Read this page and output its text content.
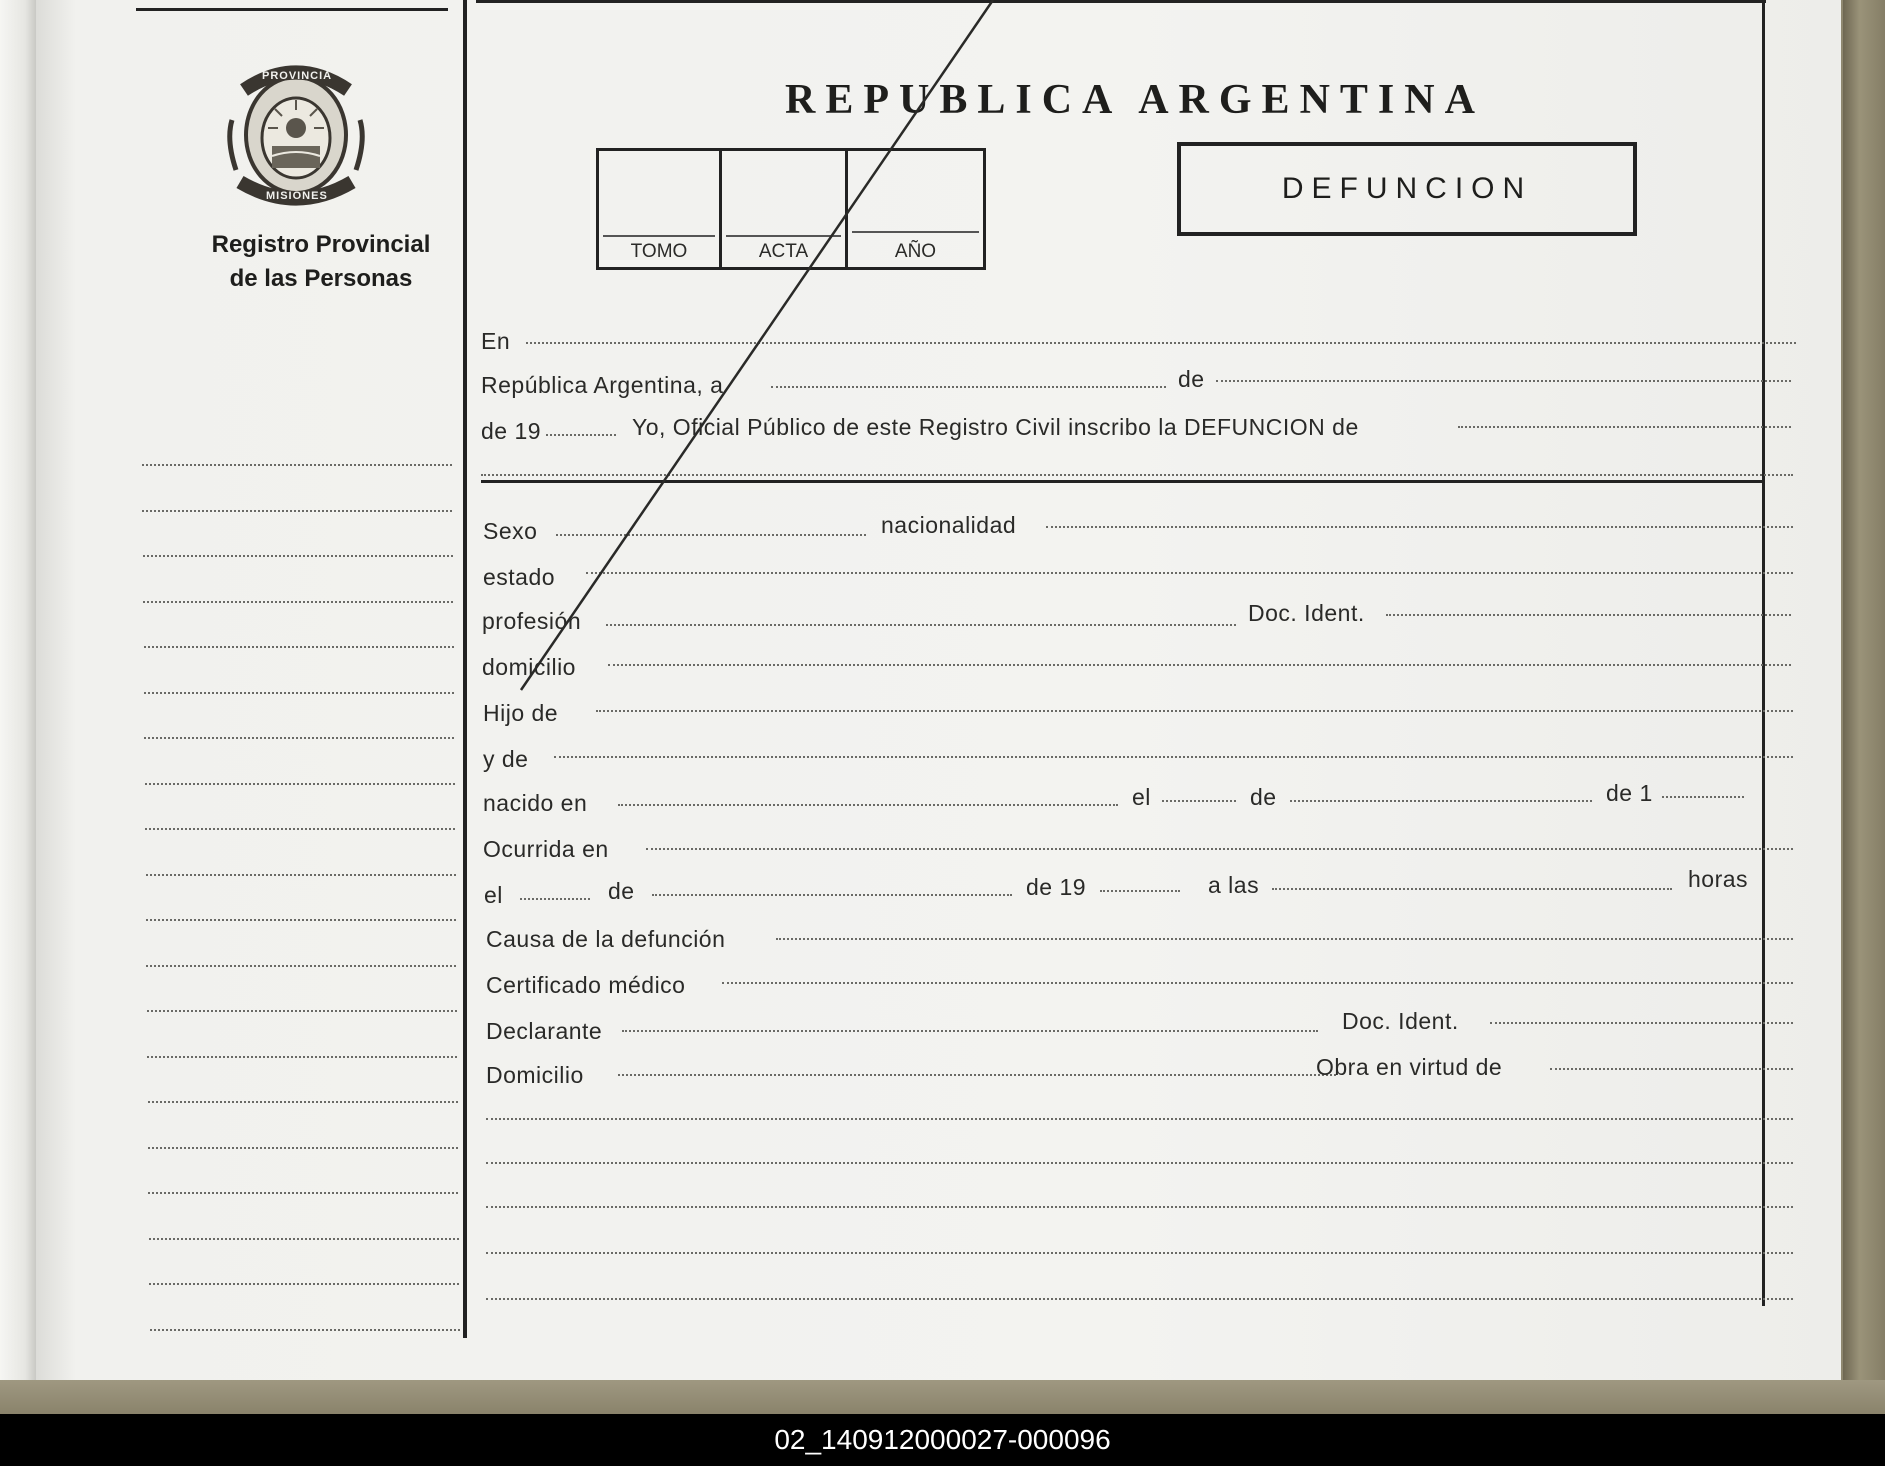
PROVINCIA
MISIONES
Registro Provincial
de las Personas
REPUBLICA ARGENTINA
TOMO	ACTA	AÑO
DEFUNCION
En
República Argentina, a	de
de 19	Yo, Oficial Público de este Registro Civil inscribo la DEFUNCION de
Sexo	nacionalidad
estado
profesión	Doc. Ident.
domicilio
Hijo de
y de
nacido en	el	de	de 1
Ocurrida en
el	de	de 19	a las	horas
Causa de la defunción
Certificado médico
Declarante	Doc. Ident.
Domicilio	Obra en virtud de
02_140912000027-000096
